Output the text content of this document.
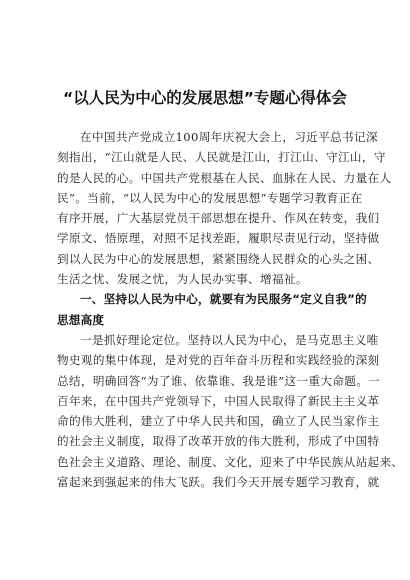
“以人民为中心的发展思想”专题心得体会
在中国共产党成立100周年庆祝大会上，习近平总书记深
刻指出，“江山就是人民、人民就是江山，打江山、守江山，守
的是人民的心。中国共产党根基在人民、血脉在人民、力量在人
民”。当前，“以人民为中心的发展思想”专题学习教育正在
有序开展，广大基层党员干部思想在提升、作风在转变，我们
学原文、悟原理，对照不足找差距，履职尽责见行动，坚持做
到以人民为中心的发展思想，紧紧围绕人民群众的心头之困、
生活之忧、发展之忧，为人民办实事、增福祉。
一、坚持以人民为中心，就要有为民服务“定义自我”的
思想高度
一是抓好理论定位。坚持以人民为中心，是马克思主义唯
物史观的集中体现，是对党的百年奋斗历程和实践经验的深刻
总结，明确回答“为了谁、依靠谁、我是谁”这一重大命题。一
百年来，在中国共产党领导下，中国人民取得了新民主主义革
命的伟大胜利，建立了中华人民共和国，确立了人民当家作主
的社会主义制度，取得了改革开放的伟大胜利，形成了中国特
色社会主义道路、理论、制度、文化，迎来了中华民族从站起来、
富起来到强起来的伟大飞跃。我们今天开展专题学习教育，就
